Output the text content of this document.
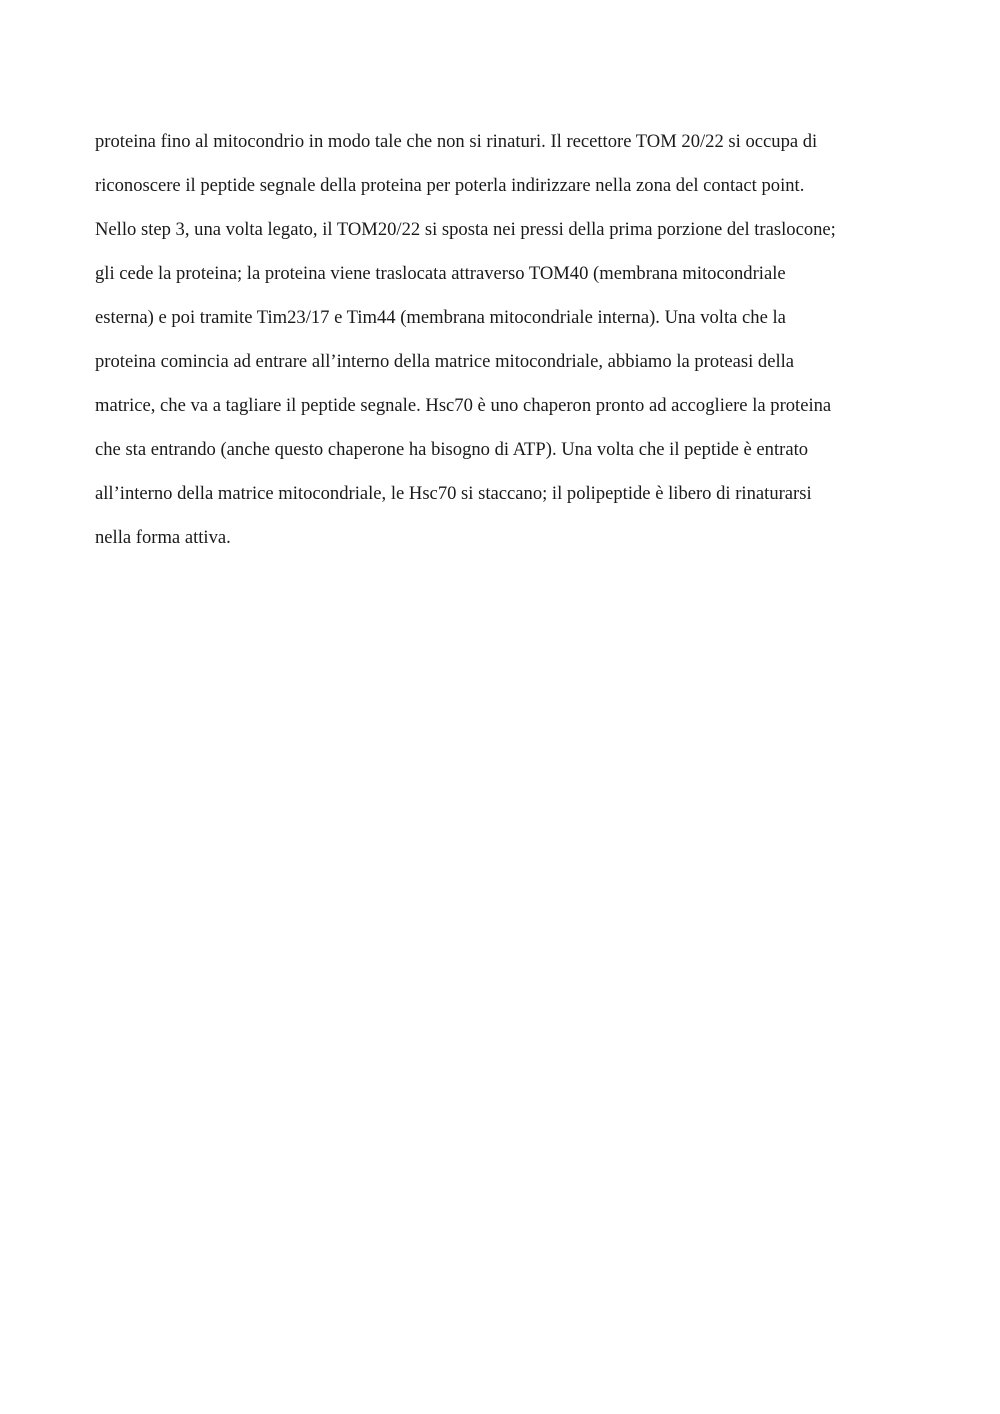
proteina fino al mitocondrio in modo tale che non si rinaturi. Il recettore TOM 20/22 si occupa di
riconoscere il peptide segnale della proteina per poterla indirizzare nella zona del contact point.
Nello step 3, una volta legato, il TOM20/22 si sposta nei pressi della prima porzione del traslocone;
gli cede la proteina; la proteina viene traslocata attraverso TOM40 (membrana mitocondriale
esterna) e poi tramite Tim23/17 e Tim44 (membrana mitocondriale interna). Una volta che la
proteina comincia ad entrare all’interno della matrice mitocondriale, abbiamo la proteasi della
matrice, che va a tagliare il peptide segnale. Hsc70 è uno chaperon pronto ad accogliere la proteina
che sta entrando (anche questo chaperone ha bisogno di ATP). Una volta che il peptide è entrato
all’interno della matrice mitocondriale, le Hsc70 si staccano; il polipeptide è libero di rinaturarsi
nella forma attiva.
